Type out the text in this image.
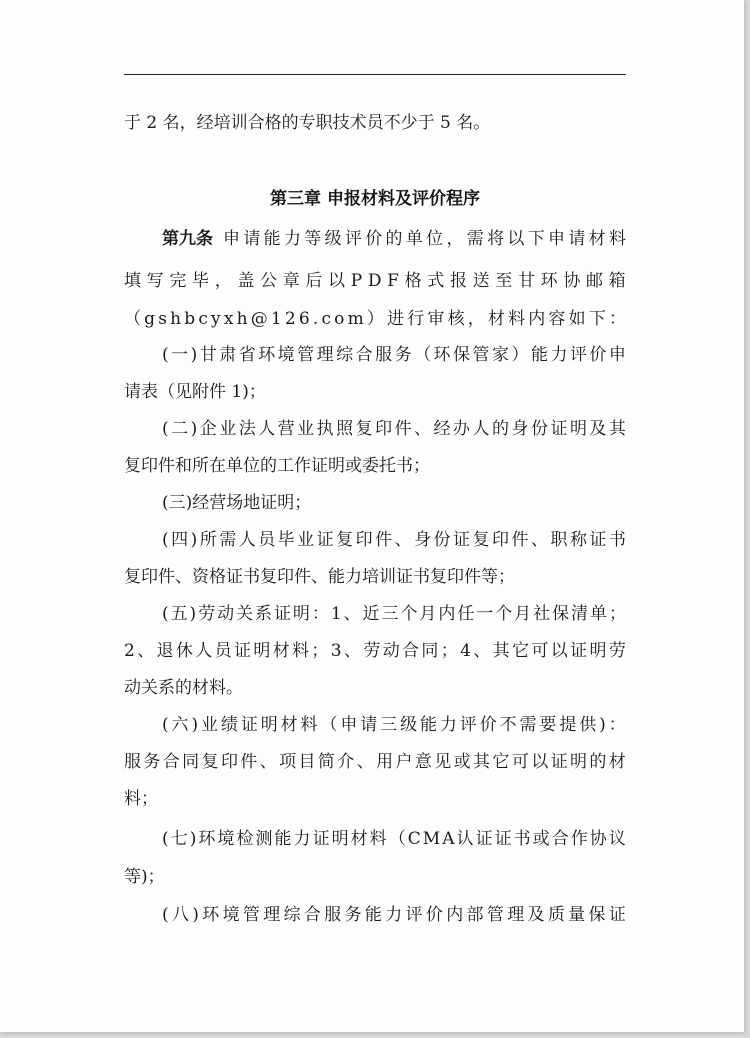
于 2 名，经培训合格的专职技术员不少于 5 名。

第三章 申报材料及评价程序

第九条 申 请 能 力 等 级 评 价 的 单 位 ， 需 将 以 下 申 请 材 料

填 写 完 毕 ， 盖 公 章 后 以 P D F 格 式 报 送 至 甘 环 协 邮 箱

（ g s h b c y x h @ 1 2 6 . c o m ） 进 行 审 核 ， 材 料 内 容 如 下 ：

( 一 ) 甘 肃 省 环 境 管 理 综 合 服 务 （ 环 保 管 家 ） 能 力 评 价 申

请表（见附件 1)；

( 二 ) 企 业 法 人 营 业 执 照 复 印 件 、 经 办 人 的 身 份 证 明 及 其

复印件和所在单位的工作证明或委托书；

(三)经营场地证明；

( 四 ) 所 需 人 员 毕 业 证 复 印 件 、 身 份 证 复 印 件 、 职 称 证 书

复印件、资格证书复印件、能力培训证书复印件等；

( 五 ) 劳 动 关 系 证 明 ： 1 、 近 三 个 月 内 任 一 个 月 社 保 清 单 ；

2 、 退 休 人 员 证 明 材 料 ； 3 、 劳 动 合 同 ； 4 、 其 它 可 以 证 明 劳

动关系的材料。

( 六 ) 业 绩 证 明 材 料 （ 申 请 三 级 能 力 评 价 不 需 要 提 供 ) ：

服 务 合 同 复 印 件 、 项 目 简 介 、 用 户 意 见 或 其 它 可 以 证 明 的 材

料；

( 七 ) 环 境 检 测 能 力 证 明 材 料 （ C M A 认 证 证 书 或 合 作 协 议

等)；

( 八 ) 环 境 管 理 综 合 服 务 能 力 评 价 内 部 管 理 及 质 量 保 证
